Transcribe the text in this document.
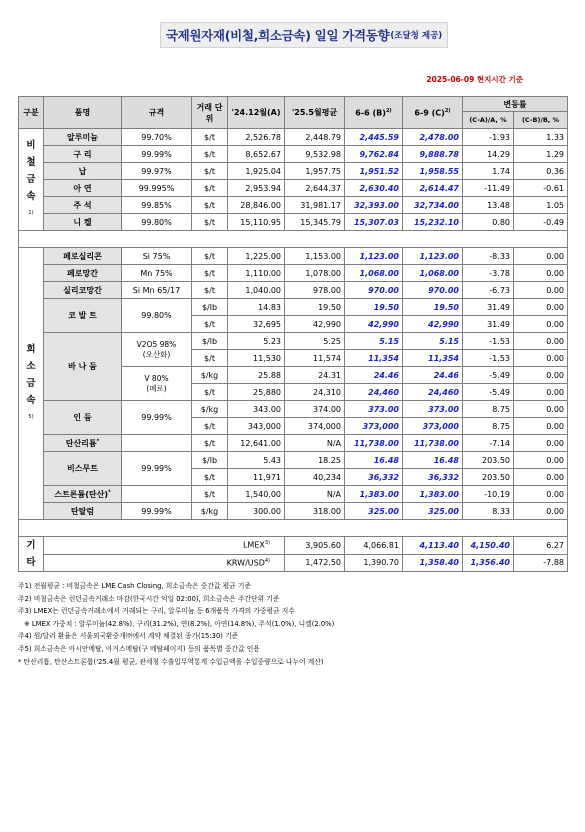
국제원자재(비철,희소금속) 일일 가격동향 (조달청 제공)
2025-06-09 현지시간 기준
구분	품명	규격	거래 단위	'24.12월(A)	'25.5월평균	6-6 $(B)^{2)}$	6-9 $(C)^{2)}$	변동률		
								(C-A)/A, %	(C-B)/B, %	

비
철
금
속
1)	알루미늄	99.70%	$/t	2,526.78	2,448.79	2,445.59	2,478.00	-1.93	1.33	
	구 리	99.99%	$/t	8,652.67	9,532.98	9,762.84	9,888.78	14.29	1.29	
	납	99.97%	$/t	1,925.04	1,957.75	1,951.52	1,958.55	1.74	0.36	
	아 연	99.995%	$/t	2,953.94	2,644.37	2,630.40	2,614.47	-11.49	-0.61	
	주 석	99.85%	$/t	28,846.00	31,981.17	32,393.00	32,734.00	13.48	1.05	
	니 켈	99.80%	$/t	15,110.95	15,345.79	15,307.03	15,232.10	0.80	-0.49	

희
소
금
속
5)	페로실리콘	Si 75%	$/t	1,225.00	1,153.00	1,123.00	1,123.00	-8.33	0.00	
	페로망간	Mn 75%	$/t	1,110.00	1,078.00	1,068.00	1,068.00	-3.78	0.00	
	실리코망간	Si Mn 65/17	$/t	1,040.00	978.00	970.00	970.00	-6.73	0.00	
	코 발 트	99.80%	$/lb	14.83	19.50	19.50	19.50	31.49	0.00	
			$/t	32,695	42,990	42,990	42,990	31.49	0.00	
	바 나 듐	V2O5 98%
(오산화)	$/lb	5.23	5.25	5.15	5.15	-1.53	0.00	
			$/t	11,530	11,574	11,354	11,354	-1.53	0.00	

		V 80%
(페로)	$/kg	25.88	24.31	24.46	24.46	-5.49	0.00	
			$/t	25,880	24,310	24,460	24,460	-5.49	0.00	
	인 듐	99.99%	$/kg	343.00	374.00	373.00	373.00	8.75	0.00	
			$/t	343,000	374,000	373,000	373,000	8.75	0.00	
	탄산리튬*		$/t	12,641.00	N/A	11,738.00	11,738.00	-7.14	0.00	
	비스무트	99.99%	$/lb	5.43	18.25	16.48	16.48	203.50	0.00	
			$/t	11,971	40,234	36,332	36,332	203.50	0.00	
	스트론튬(탄산)*		$/t	1,540.00	N/A	1,383.00	1,383.00	-10.19	0.00	
	탄탈럼	99.99%	$/kg	300.00	318.00	325.00	325.00	8.33	0.00	

기
타	LMEX$^{3)}$				3,905.60	4,066.81	4,113.40	4,150.40	6.27	
	KRW/USD$^{4)}$				1,472.50	1,390.70	1,358.40	1,356.40	-7.88	
주1) 전월평균 : 비철금속은 LME Cash Closing, 희소금속은 중간값 평균 기준
주2) 비철금속은 런던금속거래소 마감(한국시간 익일 02:00), 희소금속은 주간단위 기준
주3) LMEX는 런던금속거래소에서 거래되는 구리, 알루미늄 등 6개품목 가격의 가중평균 지수
※ LMEX 가중치 : 알루미늄(42.8%), 구리(31.2%), 연(8.2%), 아연(14.8%), 주석(1.0%), 니켈(2.0%)
주4) 원/달러 환율은 서울외국환중개㈜에서 계약 체결된 종가(15:30) 기준
주5) 희소금속은 아시안메탈, 아거스메탈(구 메탈페이지) 등의 품목별 중간값 인용
* 탄산리튬, 탄산스트론튬('25.4월 평균, 관세청 수출입무역통계 수입금액을 수입중량으로 나누어 계산)
